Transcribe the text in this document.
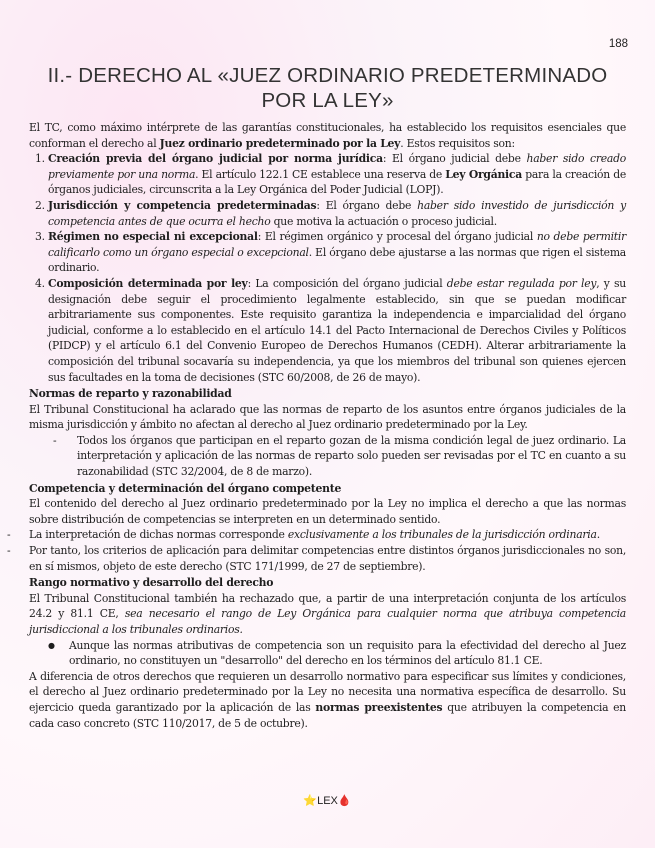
188
II.- DERECHO AL «JUEZ ORDINARIO PREDETERMINADO
POR LA LEY»

El TC, como máximo intérprete de las garantías constitucionales, ha establecido los requisitos esenciales que conforman el derecho al Juez ordinario predeterminado por la Ley. Estos requisitos son:

1. Creación previa del órgano judicial por norma jurídica: El órgano judicial debe haber sido creado previamente por una norma. El artículo 122.1 CE establece una reserva de Ley Orgánica para la creación de órganos judiciales, circunscrita a la Ley Orgánica del Poder Judicial (LOPJ).
2. Jurisdicción y competencia predeterminadas: El órgano debe haber sido investido de jurisdicción y competencia antes de que ocurra el hecho que motiva la actuación o proceso judicial.
3. Régimen no especial ni excepcional: El régimen orgánico y procesal del órgano judicial no debe permitir calificarlo como un órgano especial o excepcional. El órgano debe ajustarse a las normas que rigen el sistema ordinario.
4. Composición determinada por ley: La composición del órgano judicial debe estar regulada por ley, y su designación debe seguir el procedimiento legalmente establecido, sin que se puedan modificar arbitrariamente sus componentes. Este requisito garantiza la independencia e imparcialidad del órgano judicial, conforme a lo establecido en el artículo 14.1 del Pacto Internacional de Derechos Civiles y Políticos (PIDCP) y el artículo 6.1 del Convenio Europeo de Derechos Humanos (CEDH). Alterar arbitrariamente la composición del tribunal socavaría su independencia, ya que los miembros del tribunal son quienes ejercen sus facultades en la toma de decisiones (STC 60/2008, de 26 de mayo).

Normas de reparto y razonabilidad

El Tribunal Constitucional ha aclarado que las normas de reparto de los asuntos entre órganos judiciales de la misma jurisdicción y ámbito no afectan al derecho al Juez ordinario predeterminado por la Ley.

- Todos los órganos que participan en el reparto gozan de la misma condición legal de juez ordinario. La interpretación y aplicación de las normas de reparto solo pueden ser revisadas por el TC en cuanto a su razonabilidad (STC 32/2004, de 8 de marzo).

Competencia y determinación del órgano competente

El contenido del derecho al Juez ordinario predeterminado por la Ley no implica el derecho a que las normas sobre distribución de competencias se interpreten en un determinado sentido.

- La interpretación de dichas normas corresponde exclusivamente a los tribunales de la jurisdicción ordinaria.
- Por tanto, los criterios de aplicación para delimitar competencias entre distintos órganos jurisdiccionales no son, en sí mismos, objeto de este derecho (STC 171/1999, de 27 de septiembre).

Rango normativo y desarrollo del derecho

El Tribunal Constitucional también ha rechazado que, a partir de una interpretación conjunta de los artículos 24.2 y 81.1 CE, sea necesario el rango de Ley Orgánica para cualquier norma que atribuya competencia jurisdiccional a los tribunales ordinarios.

● Aunque las normas atributivas de competencia son un requisito para la efectividad del derecho al Juez ordinario, no constituyen un "desarrollo" del derecho en los términos del artículo 81.1 CE.

A diferencia de otros derechos que requieren un desarrollo normativo para especificar sus límites y condiciones, el derecho al Juez ordinario predeterminado por la Ley no necesita una normativa específica de desarrollo. Su ejercicio queda garantizado por la aplicación de las normas preexistentes que atribuyen la competencia en cada caso concreto (STC 110/2017, de 5 de octubre).

⭐LEX🩸
